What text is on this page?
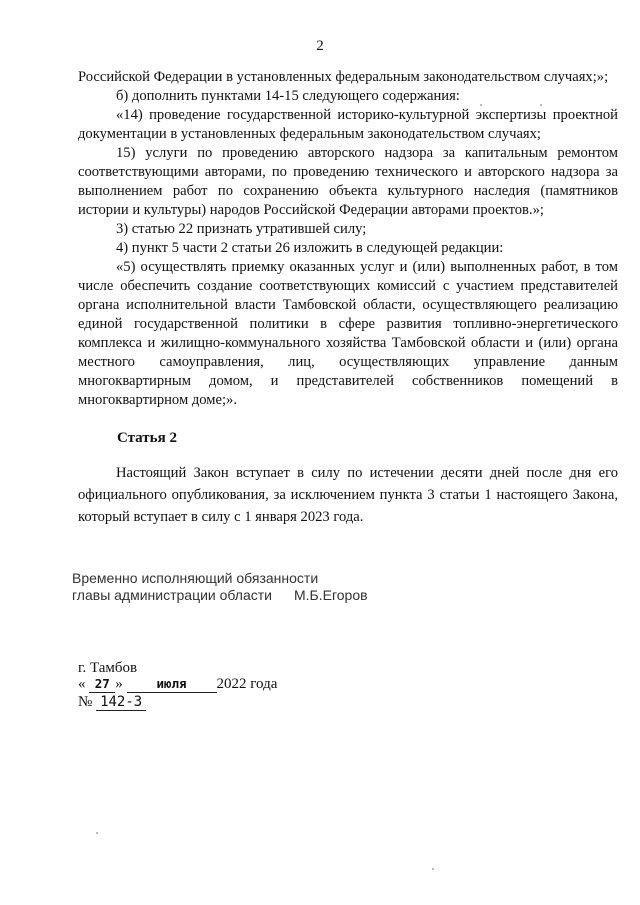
2

Российской Федерации в установленных федеральным законодательством случаях;»;

б) дополнить пунктами 14-15 следующего содержания:

«14) проведение государственной историко-культурной экспертизы проектной документации в установленных федеральным законодательством случаях;

15) услуги по проведению авторского надзора за капитальным ремонтом соответствующими авторами, по проведению технического и авторского надзора за выполнением работ по сохранению объекта культурного наследия (памятников истории и культуры) народов Российской Федерации авторами проектов.»;

3) статью 22 признать утратившей силу;

4) пункт 5 части 2 статьи 26 изложить в следующей редакции:

«5) осуществлять приемку оказанных услуг и (или) выполненных работ, в том числе обеспечить создание соответствующих комиссий с участием представителей органа исполнительной власти Тамбовской области, осуществляющего реализацию единой государственной политики в сфере развития топливно-энергетического комплекса и жилищно-коммунального хозяйства Тамбовской области и (или) органа местного самоуправления, лиц, осуществляющих управление данным многоквартирным домом, и представителей собственников помещений в многоквартирном доме;».

Статья 2

Настоящий Закон вступает в силу по истечении десяти дней после дня его официального опубликования, за исключением пункта 3 статьи 1 настоящего Закона, который вступает в силу с 1 января 2023 года.

Временно исполняющий обязанности
главы администрации области	М.Б.Егоров
г. Тамбов
« 27 »	июля 2022 года
№ 142-З
